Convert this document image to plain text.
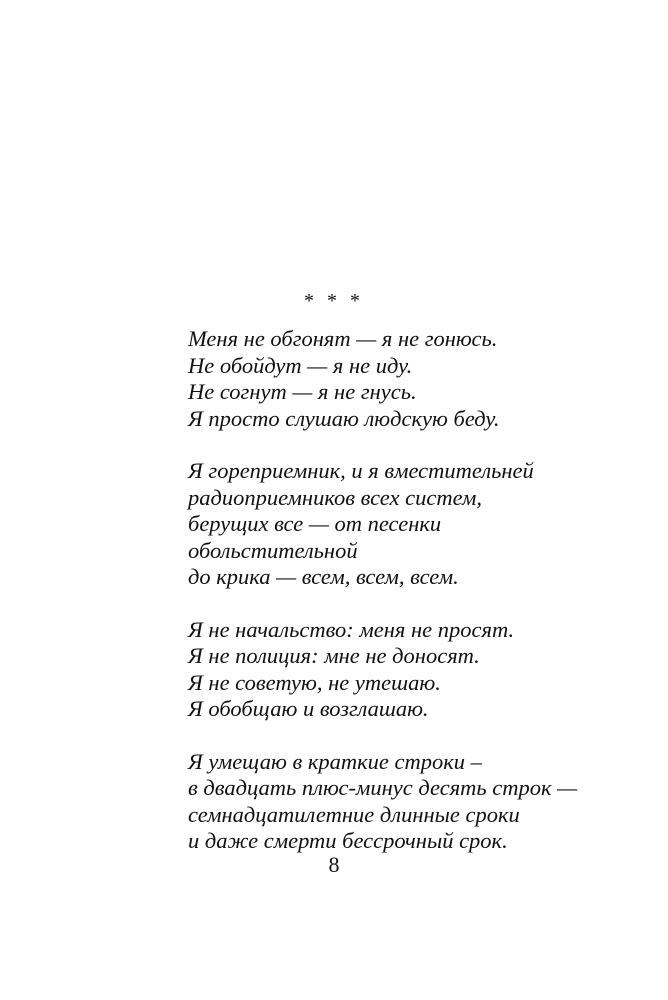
* * *
Меня не обгонят — я не гонюсь.
Не обойдут — я не иду.
Не согнут — я не гнусь.
Я просто слушаю людскую беду.
Я гореприемник, и я вместительней
радиоприемников всех систем,
берущих все — от песенки
обольстительной
до крика — всем, всем, всем.
Я не начальство: меня не просят.
Я не полиция: мне не доносят.
Я не советую, не утешаю.
Я обобщаю и возглашаю.
Я умещаю в краткие строки –
в двадцать плюс-минус десять строк —
семнадцатилетние длинные сроки
и даже смерти бессрочный срок.
8
